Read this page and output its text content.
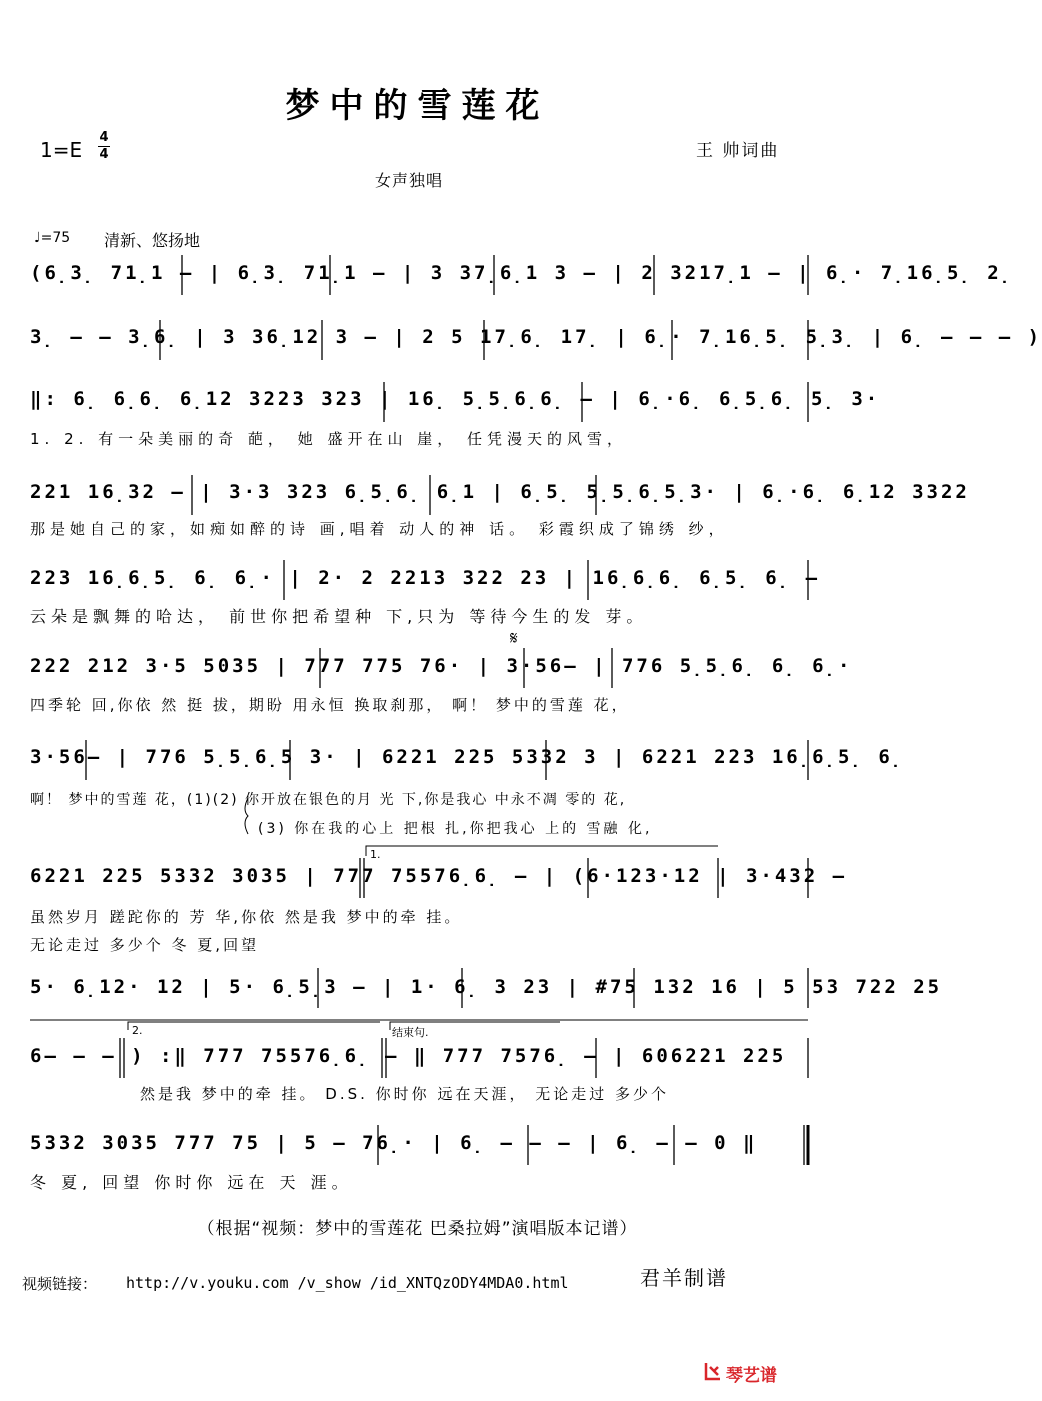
梦中的雪莲花
1=E
4
4	王 帅词曲
女声独唱
♩=75 清新、悠扬地
(6̣3̣ 71̣1 – | 6̣3̣ 71̣1 – | 3 37̣6̣1 3 – | 2 3217̣1 – | 6̣· 7̣16̣5̣ 2̣
3̣ – – 3̣6̣ | 3 36̣12 3 – | 2 5 17̣6̣ 17̣ | 6̣· 7̣16̣5̣ 5̣3̣ | 6̣ – – – )
‖: 6̣ 6̣6̣ 6̣12 3223 323 | 16̣ 5̣5̣6̣6̣ – | 6̣·6̣ 6̣5̣6̣ 5̣ 3·
1. 2. 有一朵美丽的奇 葩， 她 盛开在山 崖， 任凭漫天的风雪，
221 16̣32 – | 3·3 323 6̣5̣6̣ 6̣1 | 6̣5̣ 5̣5̣6̣5̣3· | 6̣·6̣ 6̣12 3322
那是她自己的家，如痴如醉的诗 画,唱着 动人的神 话。 彩霞织成了锦绣 纱，
223 16̣6̣5̣ 6̣ 6̣· | 2· 2 2213 322 23 | 16̣6̣6̣ 6̣5̣ 6̣ –
云朵是飘舞的哈达， 前世你把希望种 下,只为 等待今生的发 芽。
222 212 3·5 5035 | 777 775 76· | 3·56– | 776 5̣5̣6̣ 6̣ 6̣·
四季轮 回,你依 然 挺 拔，期盼 用永恒 换取刹那， 啊！ 梦中的雪莲 花，
3·56– | 776 5̣5̣6̣5 3· | 6221 225 5332 3 | 6221 223 16̣6̣5̣ 6̣
啊！ 梦中的雪莲 花，(1)(2) 你开放在银色的月 光 下,你是我心 中永不凋 零的 花,
(3) 你在我的心上 把根 扎,你把我心 上的 雪融 化,
6221 225 5332 3035 | 777 75576̣6̣ – | (6·123·12 | 3·432 –
虽然岁月 蹉跎你的 芳 华,你依 然是我 梦中的牵 挂。
无论走过 多少个 冬 夏,回望
5· 6̣12· 12 | 5· 6̣5̣3 – | 1· 6̣ 3 23 | #75 132 16 | 5 53 722 25
6– – – ) :‖ 777 75576̣6̣ – ‖ 777 7576̣ – | 606221 225
然是我 梦中的牵 挂。 D.S. 你时你 远在天涯， 无论走过 多少个
5332 3035 777 75 | 5 – 76̣· | 6̣ – – – | 6̣ – – 0 ‖
冬 夏, 回望 你时你 远在 天 涯。
1.
2.	结束句.
𝄋
（根据“视频：梦中的雪莲花 巴桑拉姆”演唱版本记谱）
视频链接： http://v.youku.com /v_show /id_XNTQzODY4MDA0.html	君羊制谱
琴艺谱
